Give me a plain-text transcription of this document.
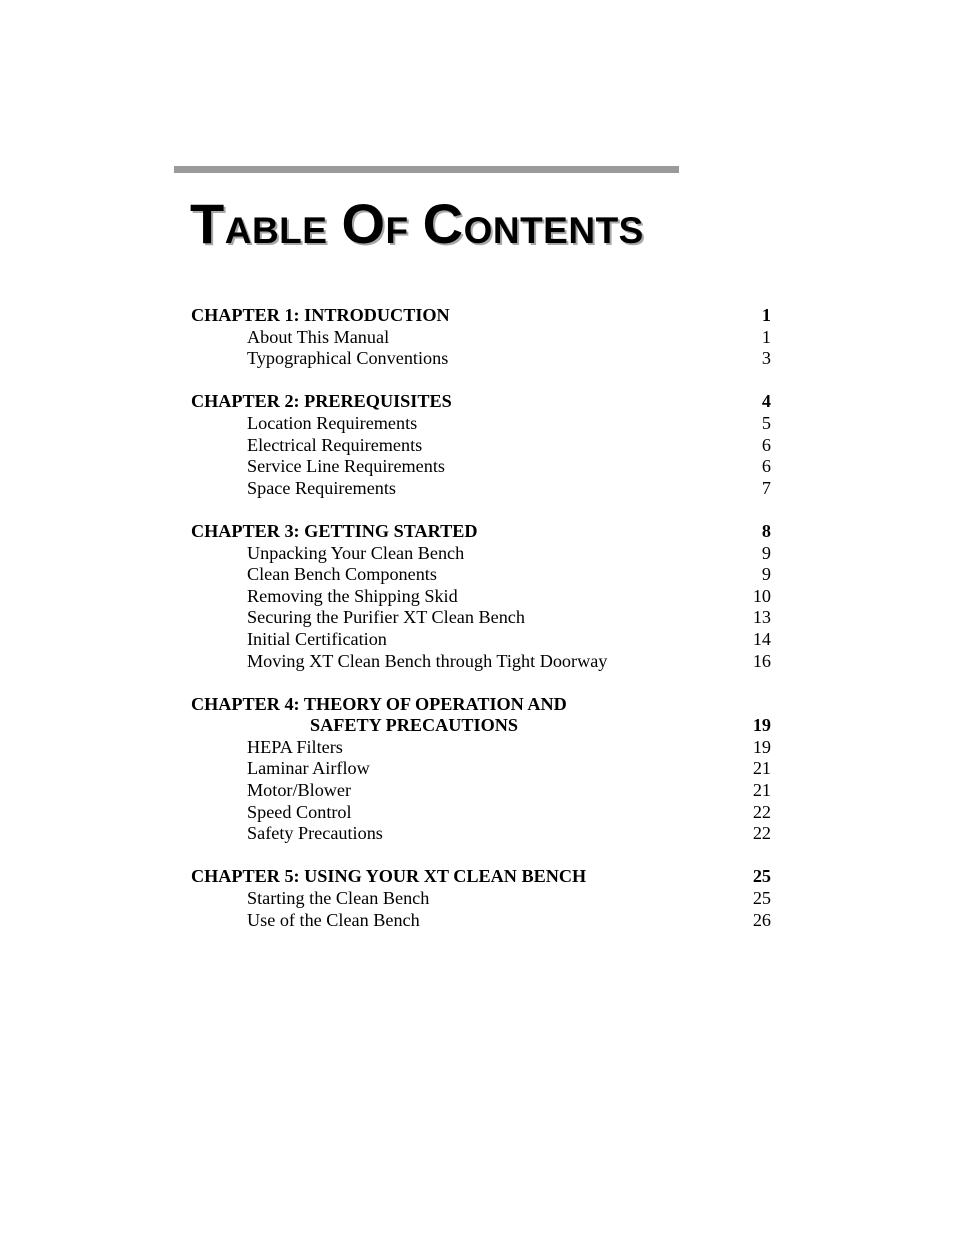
TABLE OF CONTENTS
CHAPTER 1: INTRODUCTION	1
About This Manual	1
Typographical Conventions	3
CHAPTER 2: PREREQUISITES	4
Location Requirements	5
Electrical Requirements	6
Service Line Requirements	6
Space Requirements	7
CHAPTER 3: GETTING STARTED	8
Unpacking Your Clean Bench	9
Clean Bench Components	9
Removing the Shipping Skid	10
Securing the Purifier XT Clean Bench	13
Initial Certification	14
Moving XT Clean Bench through Tight Doorway	16
CHAPTER 4: THEORY OF OPERATION AND
SAFETY PRECAUTIONS	19
HEPA Filters	19
Laminar Airflow	21
Motor/Blower	21
Speed Control	22
Safety Precautions	22
CHAPTER 5: USING YOUR XT CLEAN BENCH	25
Starting the Clean Bench	25
Use of the Clean Bench	26
